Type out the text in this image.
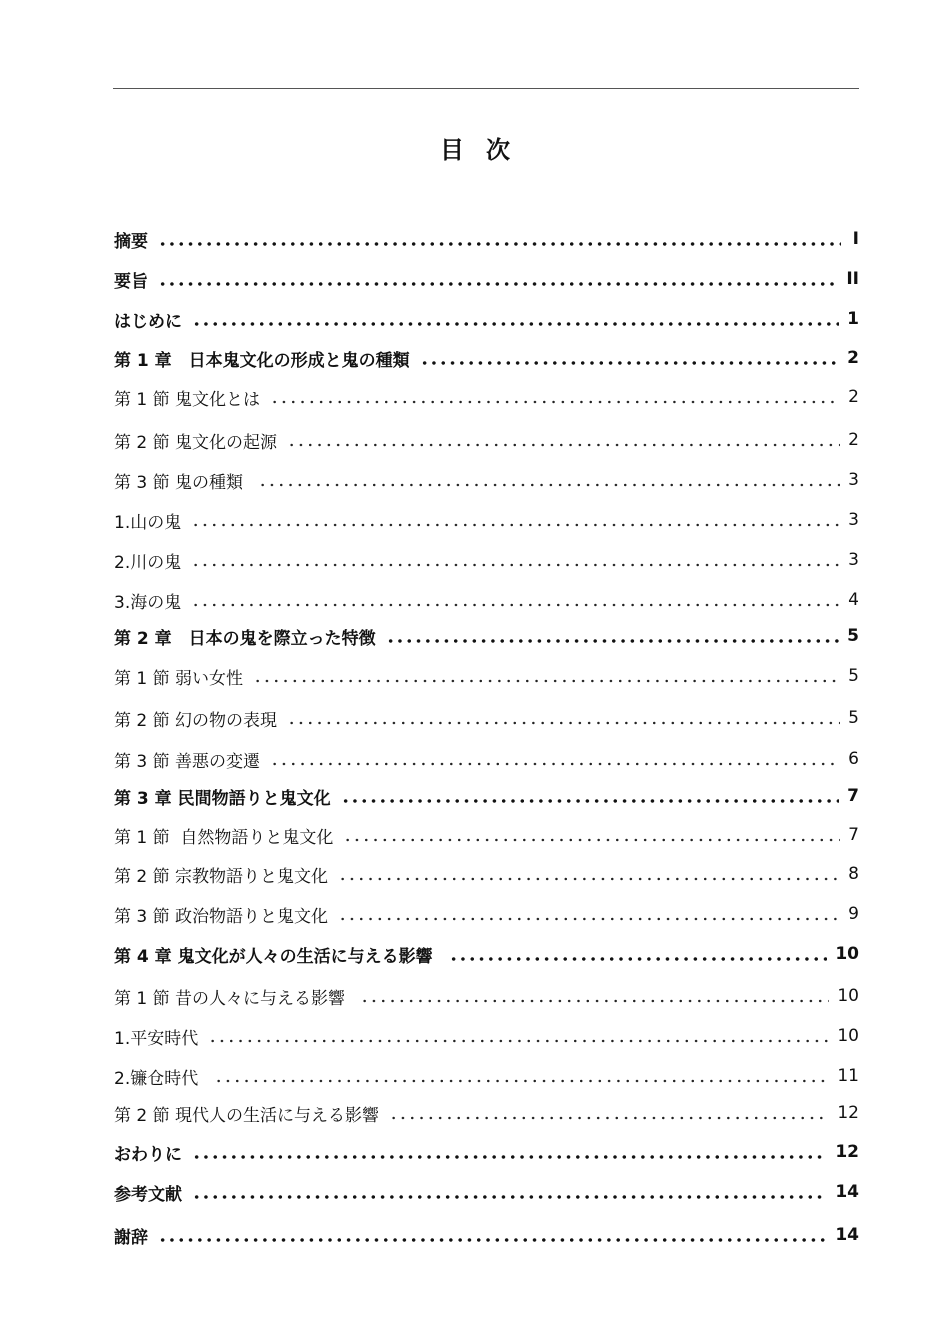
目次
摘要	I
要旨	II
はじめに	1
第 1 章　日本鬼文化の形成と鬼の種類	2
第 1 節 鬼文化とは	2
第 2 節 鬼文化の起源	2
第 3 節 鬼の種類	3
1.山の鬼	3
2.川の鬼	3
3.海の鬼	4
第 2 章　日本の鬼を際立った特徴	5
第 1 節 弱い女性	5
第 2 節 幻の物の表現	5
第 3 節 善悪の変遷	6
第 3 章 民間物語りと鬼文化	7
第 1 節  自然物語りと鬼文化	7
第 2 節 宗教物語りと鬼文化	8
第 3 節 政治物語りと鬼文化	9
第 4 章 鬼文化が人々の生活に与える影響	10
第 1 節 昔の人々に与える影響	10
1.平安時代	10
2.镰仓時代	11
第 2 節 現代人の生活に与える影響	12
おわりに	12
参考文献	14
謝辞	14
